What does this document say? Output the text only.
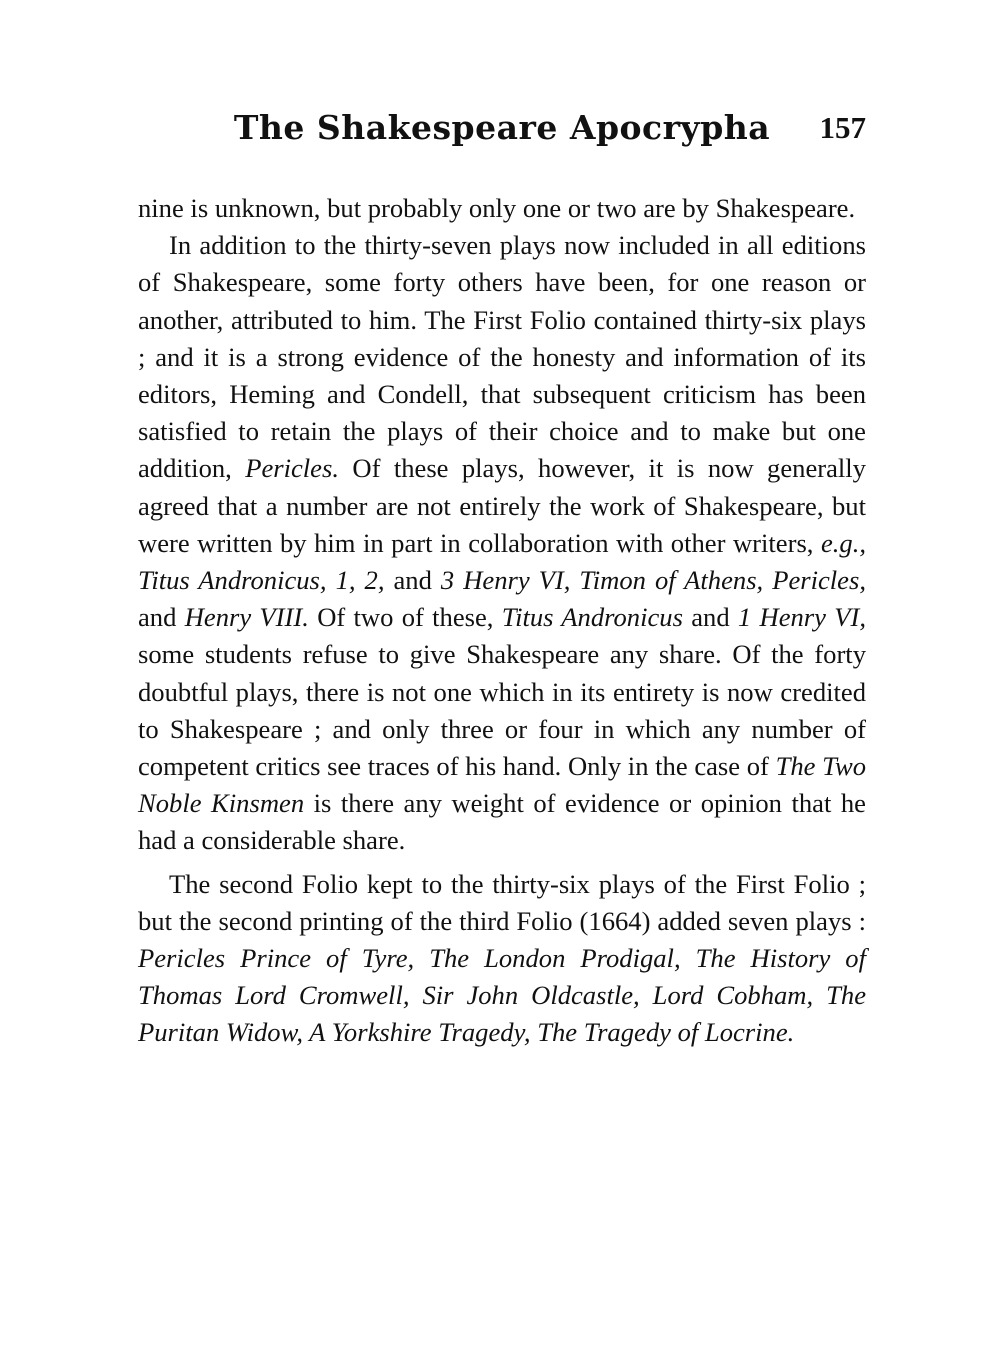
The Shakespeare Apocrypha	157

nine is unknown, but probably only one or two are by Shakespeare.

In addition to the thirty-seven plays now included in all editions of Shakespeare, some forty others have been, for one reason or another, attributed to him. The First Folio contained thirty-six plays ; and it is a strong evidence of the honesty and information of its editors, Heming and Condell, that subsequent criticism has been satisfied to retain the plays of their choice and to make but one addition, Pericles. Of these plays, however, it is now generally agreed that a number are not entirely the work of Shakespeare, but were written by him in part in collaboration with other writers, e.g., Titus Andronicus, 1, 2, and 3 Henry VI, Timon of Athens, Pericles, and Henry VIII. Of two of these, Titus Andronicus and 1 Henry VI, some students refuse to give Shakespeare any share. Of the forty doubtful plays, there is not one which in its entirety is now credited to Shakespeare ; and only three or four in which any number of competent critics see traces of his hand. Only in the case of The Two Noble Kinsmen is there any weight of evidence or opinion that he had a considerable share.

The second Folio kept to the thirty-six plays of the First Folio ; but the second printing of the third Folio (1664) added seven plays : Pericles Prince of Tyre, The London Prodigal, The History of Thomas Lord Cromwell, Sir John Oldcastle, Lord Cobham, The Puritan Widow, A Yorkshire Tragedy, The Tragedy of Locrine.
